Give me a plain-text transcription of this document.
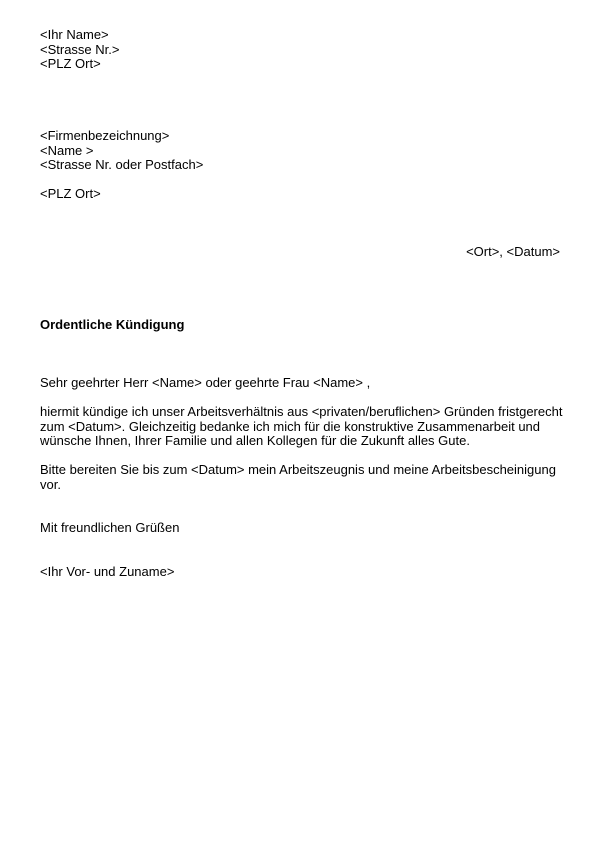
<Ihr Name>
<Strasse Nr.>
<PLZ Ort>
<Firmenbezeichnung>
<Name >
<Strasse Nr. oder Postfach>
<PLZ Ort>
<Ort>, <Datum>
Ordentliche Kündigung
Sehr geehrter Herr <Name> oder geehrte Frau <Name> ,
hiermit kündige ich unser Arbeitsverhältnis aus <privaten/beruflichen> Gründen fristgerecht
zum <Datum>. Gleichzeitig bedanke ich mich für die konstruktive Zusammenarbeit und
wünsche Ihnen, Ihrer Familie und allen Kollegen für die Zukunft alles Gute.
Bitte bereiten Sie bis zum <Datum> mein Arbeitszeugnis und meine Arbeitsbescheinigung
vor.
Mit freundlichen Grüßen
<Ihr Vor- und Zuname>
